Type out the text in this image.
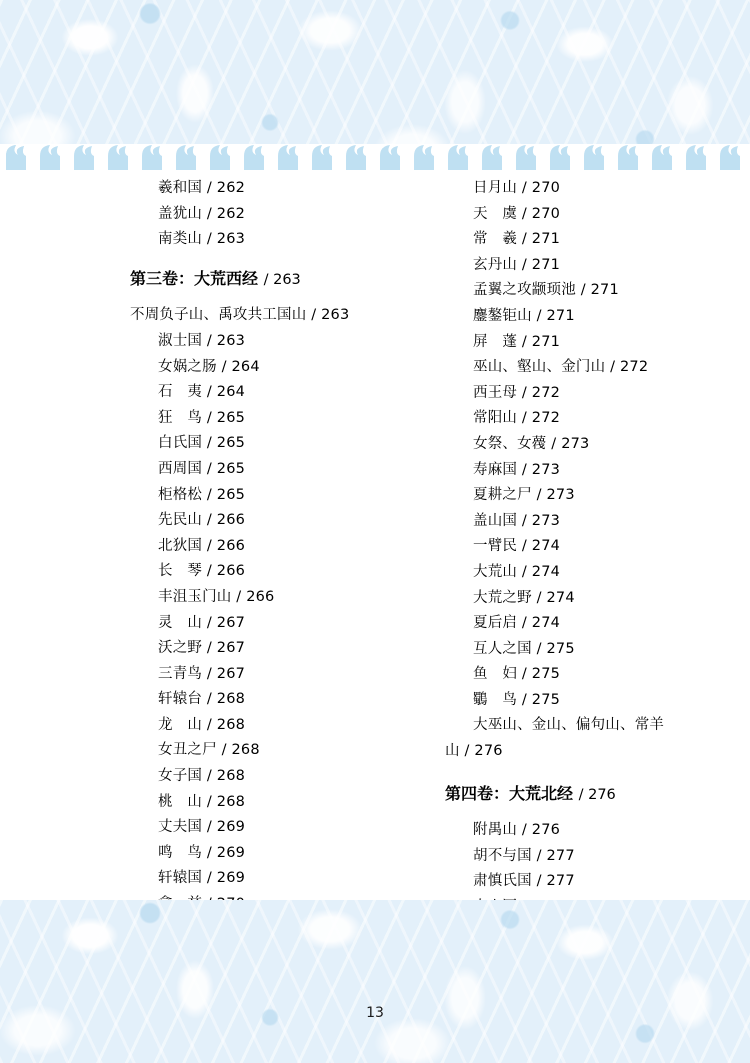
羲和国 / 262
盖犹山 / 262
南类山 / 263
第三卷：大荒西经 / 263
不周负子山、禹攻共工国山 / 263
淑士国 / 263
女娲之肠 / 264
石　夷 / 264
狂　鸟 / 265
白氏国 / 265
西周国 / 265
柜格松 / 265
先民山 / 266
北狄国 / 266
长　琴 / 266
丰沮玉门山 / 266
灵　山 / 267
沃之野 / 267
三青鸟 / 267
轩辕台 / 268
龙　山 / 268
女丑之尸 / 268
女子国 / 268
桃　山 / 268
丈夫国 / 269
鸣　鸟 / 269
轩辕国 / 269
日月山 / 270
天　虞 / 270
常　羲 / 271
玄丹山 / 271
孟翼之攻颛顼池 / 271
鏖鏊钜山 / 271
屏　蓬 / 271
巫山、壑山、金门山 / 272
西王母 / 272
常阳山 / 272
女祭、女薎 / 273
寿麻国 / 273
夏耕之尸 / 273
盖山国 / 273
一臂民 / 274
大荒山 / 274
大荒之野 / 274
夏后启 / 274
互人之国 / 275
鱼　妇 / 275
鸀　鸟 / 275
大巫山、金山、偏句山、常羊
山 / 276
第四卷：大荒北经 / 276
附禺山 / 276
胡不与国 / 277
肃慎氏国 / 277
13
